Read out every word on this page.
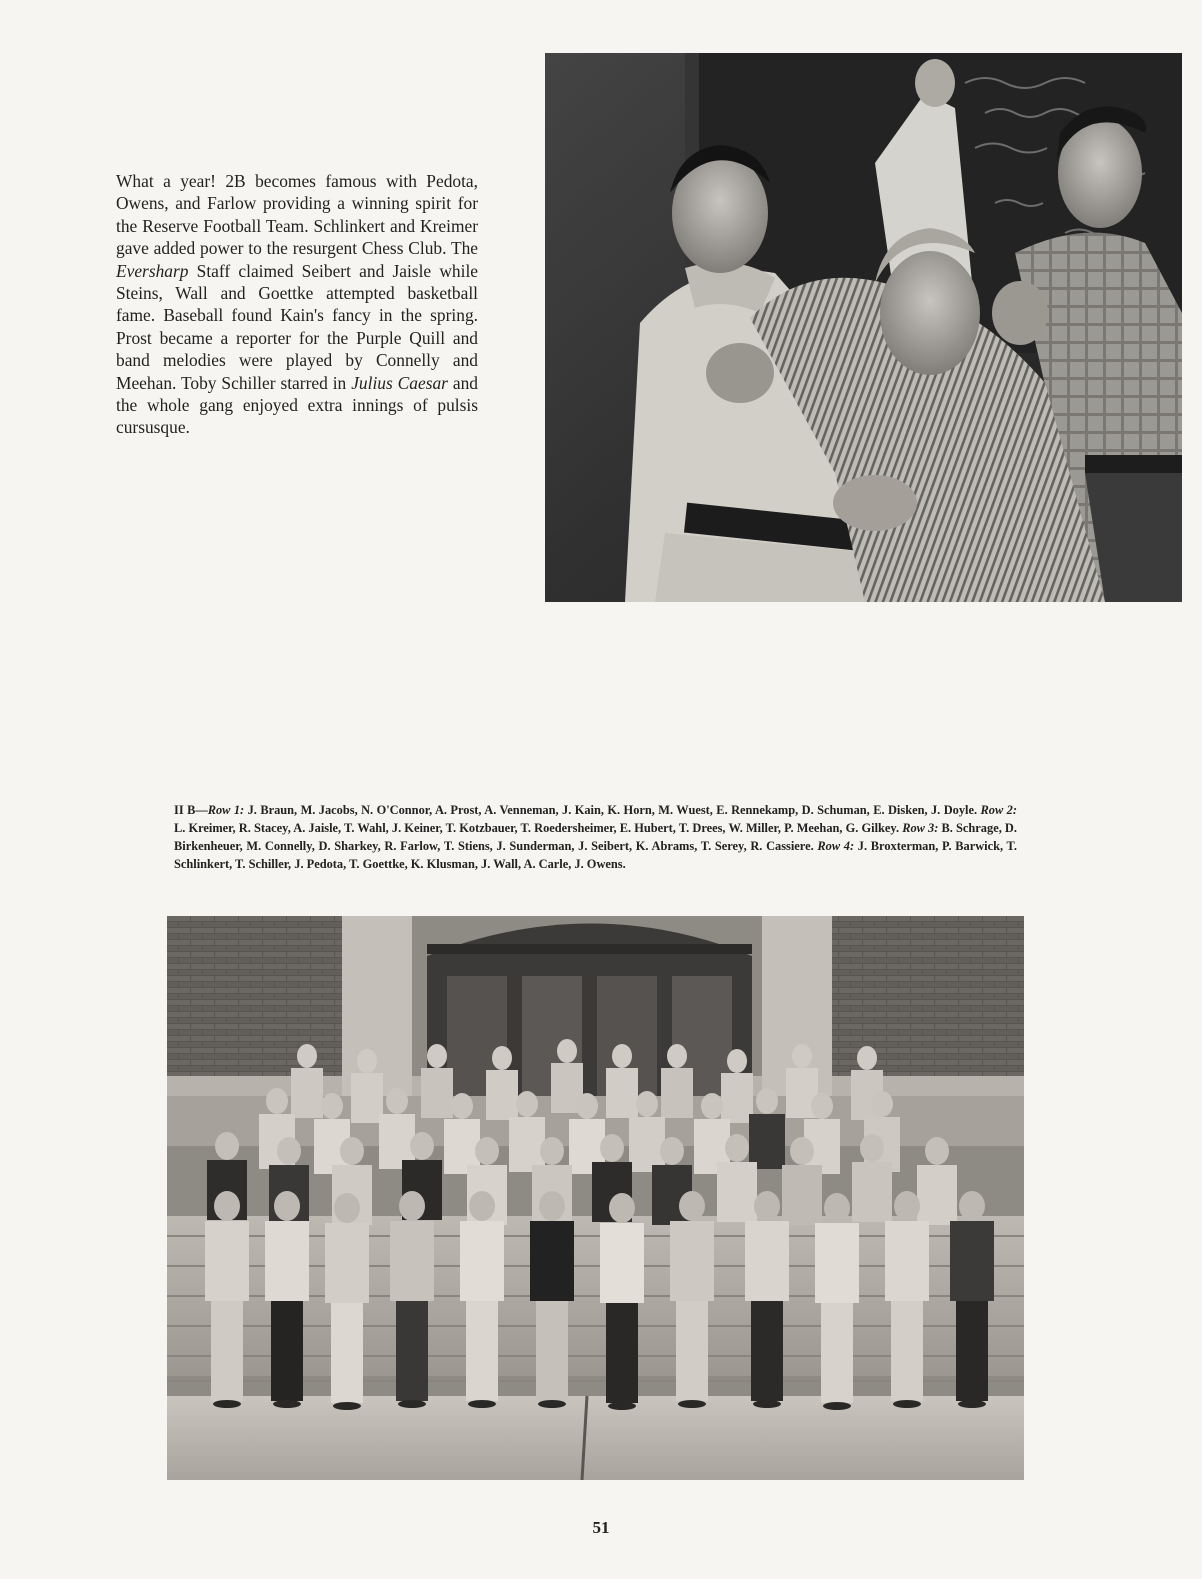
What a year! 2B becomes famous with Pedota, Owens, and Farlow providing a winning spirit for the Reserve Football Team. Schlinkert and Kreimer gave added power to the resurgent Chess Club. The Eversharp Staff claimed Seibert and Jaisle while Steins, Wall and Goettke attempted basketball fame. Baseball found Kain's fancy in the spring. Prost became a reporter for the Purple Quill and band melodies were played by Connelly and Meehan. Toby Schiller starred in Julius Caesar and the whole gang enjoyed extra innings of pulsis cursusque.

II B—Row 1: J. Braun, M. Jacobs, N. O'Connor, A. Prost, A. Venneman, J. Kain, K. Horn, M. Wuest, E. Rennekamp, D. Schuman, E. Disken, J. Doyle. Row 2: L. Kreimer, R. Stacey, A. Jaisle, T. Wahl, J. Keiner, T. Kotzbauer, T. Roedersheimer, E. Hubert, T. Drees, W. Miller, P. Meehan, G. Gilkey. Row 3: B. Schrage, D. Birkenheuer, M. Connelly, D. Sharkey, R. Farlow, T. Stiens, J. Sunderman, J. Seibert, K. Abrams, T. Serey, R. Cassiere. Row 4: J. Broxterman, P. Barwick, T. Schlinkert, T. Schiller, J. Pedota, T. Goettke, K. Klusman, J. Wall, A. Carle, J. Owens.

51
